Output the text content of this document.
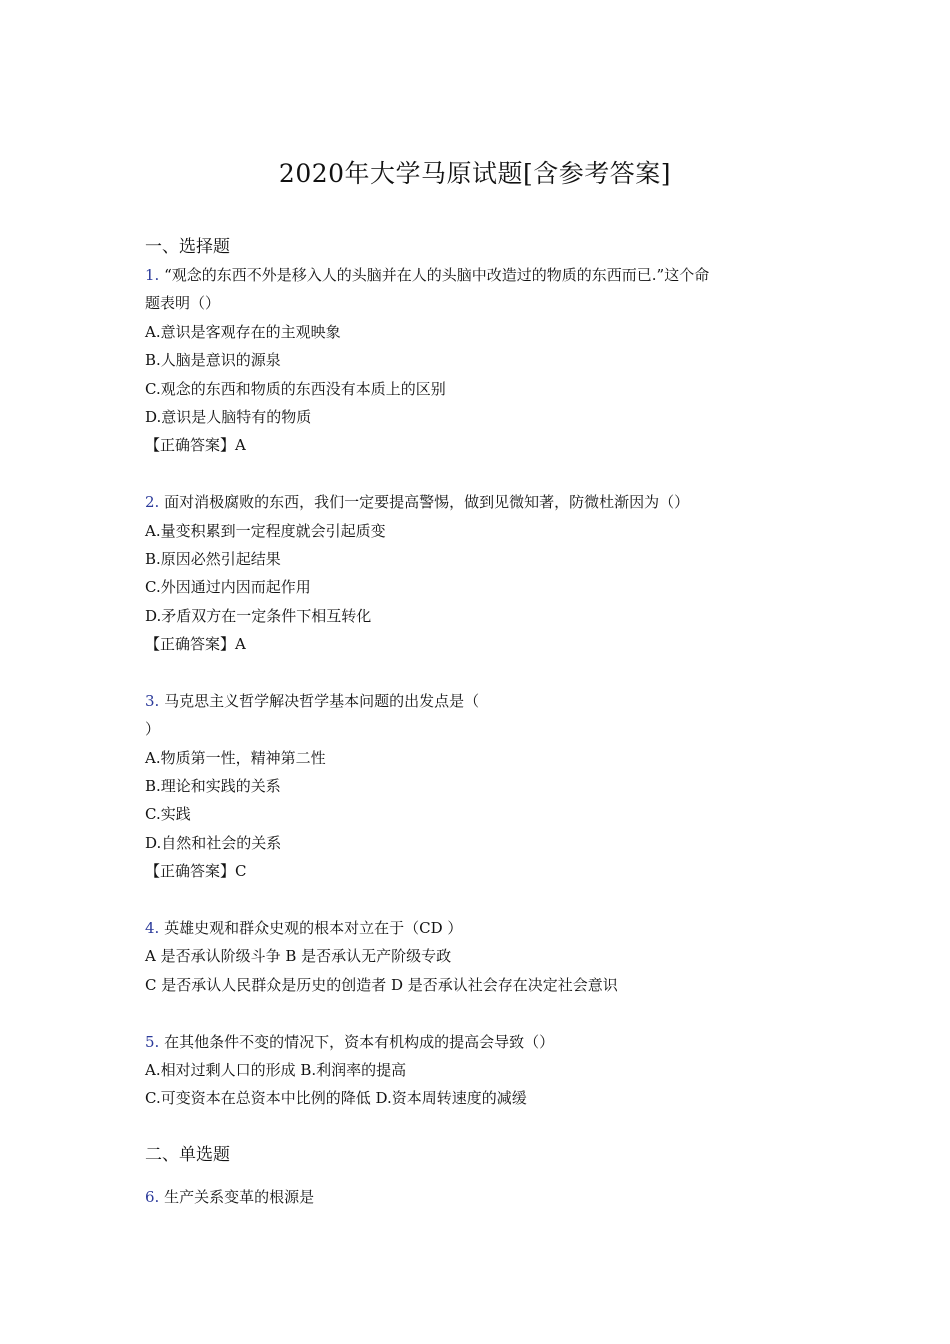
2020年大学马原试题[含参考答案]
一、选择题
1. “观念的东西不外是移入人的头脑并在人的头脑中改造过的物质的东西而已.”这个命
题表明（）
A.意识是客观存在的主观映象
B.人脑是意识的源泉
C.观念的东西和物质的东西没有本质上的区别
D.意识是人脑特有的物质
【正确答案】A
2. 面对消极腐败的东西，我们一定要提高警惕，做到见微知著，防微杜渐因为（）
A.量变积累到一定程度就会引起质变
B.原因必然引起结果
C.外因通过内因而起作用
D.矛盾双方在一定条件下相互转化
【正确答案】A
3. 马克思主义哲学解决哲学基本问题的出发点是（
）
A.物质第一性，精神第二性
B.理论和实践的关系
C.实践
D.自然和社会的关系
【正确答案】C
4. 英雄史观和群众史观的根本对立在于（CD ）
A 是否承认阶级斗争 B 是否承认无产阶级专政
C 是否承认人民群众是历史的创造者 D 是否承认社会存在决定社会意识
5. 在其他条件不变的情况下，资本有机构成的提高会导致（）
A.相对过剩人口的形成 B.利润率的提高
C.可变资本在总资本中比例的降低 D.资本周转速度的减缓
二、单选题
6. 生产关系变革的根源是
